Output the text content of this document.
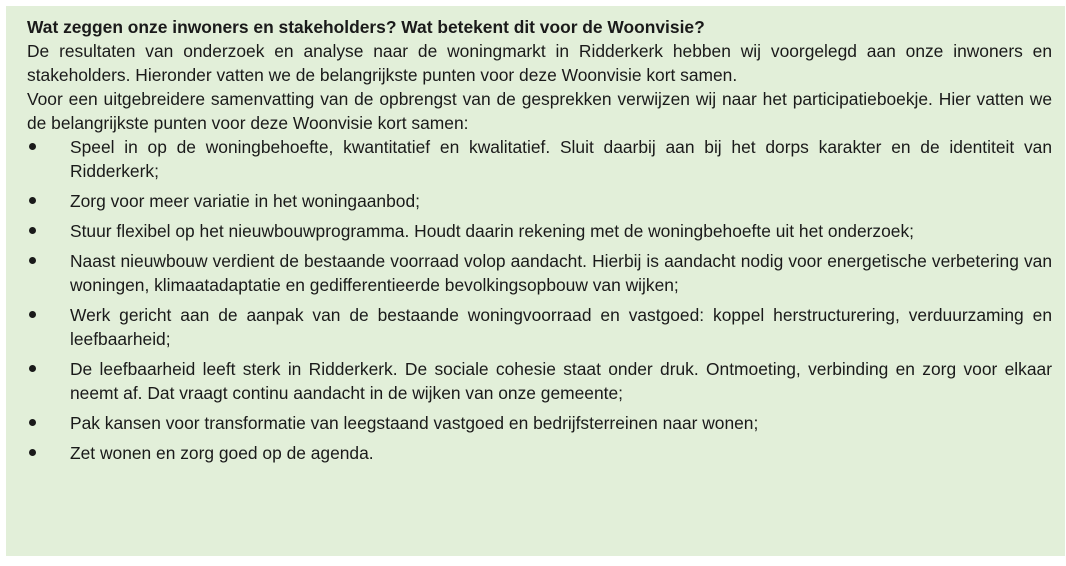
Wat zeggen onze inwoners en stakeholders? Wat betekent dit voor de Woonvisie?

De resultaten van onderzoek en analyse naar de woningmarkt in Ridderkerk hebben wij voorgelegd aan onze inwoners en stakeholders. Hieronder vatten we de belangrijkste punten voor deze Woonvisie kort samen.

Voor een uitgebreidere samenvatting van de opbrengst van de gesprekken verwijzen wij naar het participatieboekje. Hier vatten we de belangrijkste punten voor deze Woonvisie kort samen:

Speel in op de woningbehoefte, kwantitatief en kwalitatief. Sluit daarbij aan bij het dorps karakter en de identiteit van Ridderkerk;
Zorg voor meer variatie in het woningaanbod;
Stuur flexibel op het nieuwbouwprogramma. Houdt daarin rekening met de woningbehoefte uit het onderzoek;
Naast nieuwbouw verdient de bestaande voorraad volop aandacht. Hierbij is aandacht nodig voor energetische verbetering van woningen, klimaatadaptatie en gedifferentieerde bevolkingsopbouw van wijken;
Werk gericht aan de aanpak van de bestaande woningvoorraad en vastgoed: koppel herstructurering, verduurzaming en leefbaarheid;
De leefbaarheid leeft sterk in Ridderkerk. De sociale cohesie staat onder druk. Ontmoeting, verbinding en zorg voor elkaar neemt af. Dat vraagt continu aandacht in de wijken van onze gemeente;
Pak kansen voor transformatie van leegstaand vastgoed en bedrijfsterreinen naar wonen;
Zet wonen en zorg goed op de agenda.
